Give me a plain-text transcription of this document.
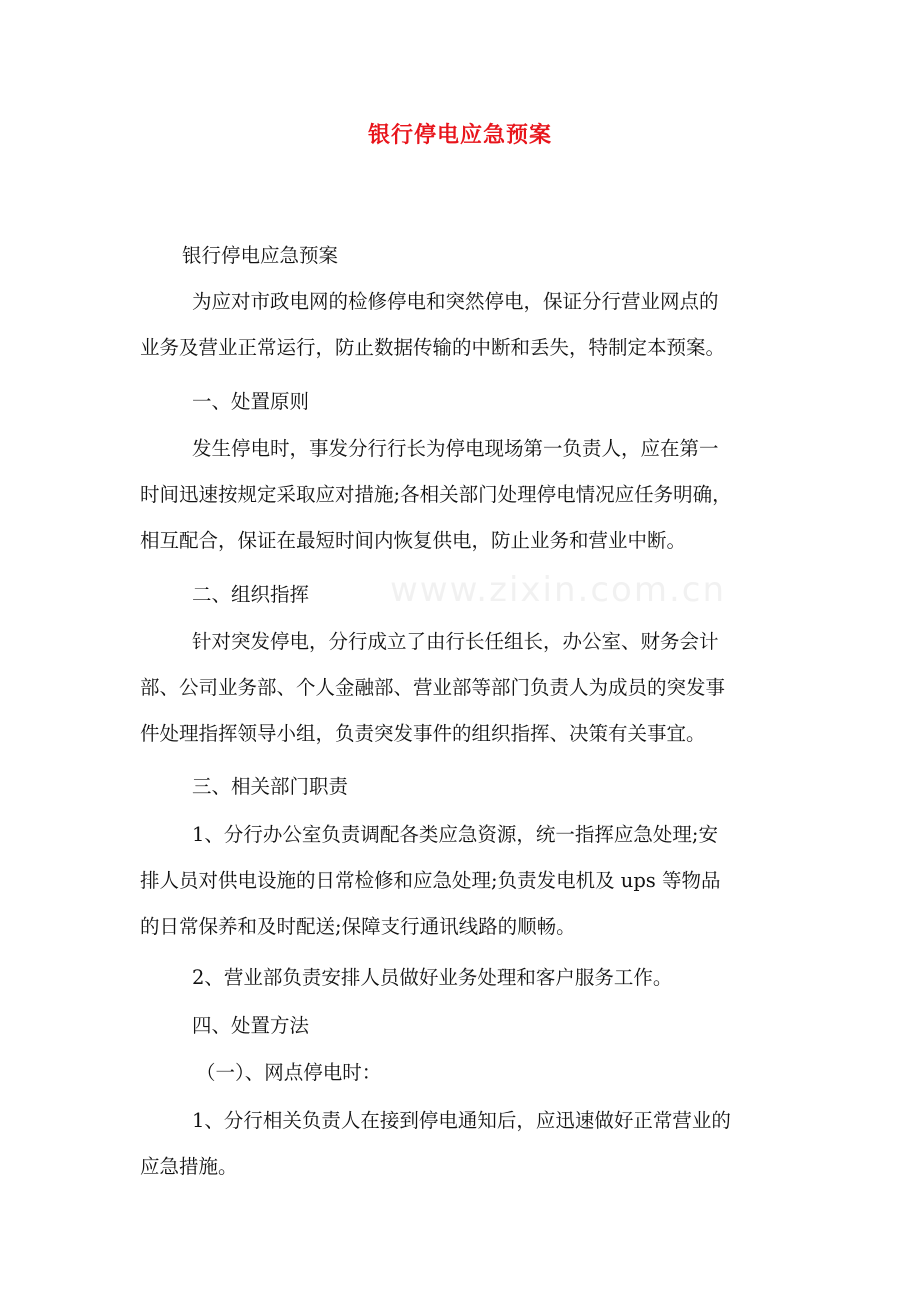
www.zixin.com.cn
银行停电应急预案
银行停电应急预案
为应对市政电网的检修停电和突然停电，保证分行营业网点的
业务及营业正常运行，防止数据传输的中断和丢失，特制定本预案。
一、处置原则
发生停电时，事发分行行长为停电现场第一负责人，应在第一
时间迅速按规定采取应对措施;各相关部门处理停电情况应任务明确，
相互配合，保证在最短时间内恢复供电，防止业务和营业中断。
二、组织指挥
针对突发停电，分行成立了由行长任组长，办公室、财务会计
部、公司业务部、个人金融部、营业部等部门负责人为成员的突发事
件处理指挥领导小组，负责突发事件的组织指挥、决策有关事宜。
三、相关部门职责
1、分行办公室负责调配各类应急资源，统一指挥应急处理;安
排人员对供电设施的日常检修和应急处理;负责发电机及 ups 等物品
的日常保养和及时配送;保障支行通讯线路的顺畅。
2、营业部负责安排人员做好业务处理和客户服务工作。
四、处置方法
（一）、网点停电时：
1、分行相关负责人在接到停电通知后，应迅速做好正常营业的
应急措施。
